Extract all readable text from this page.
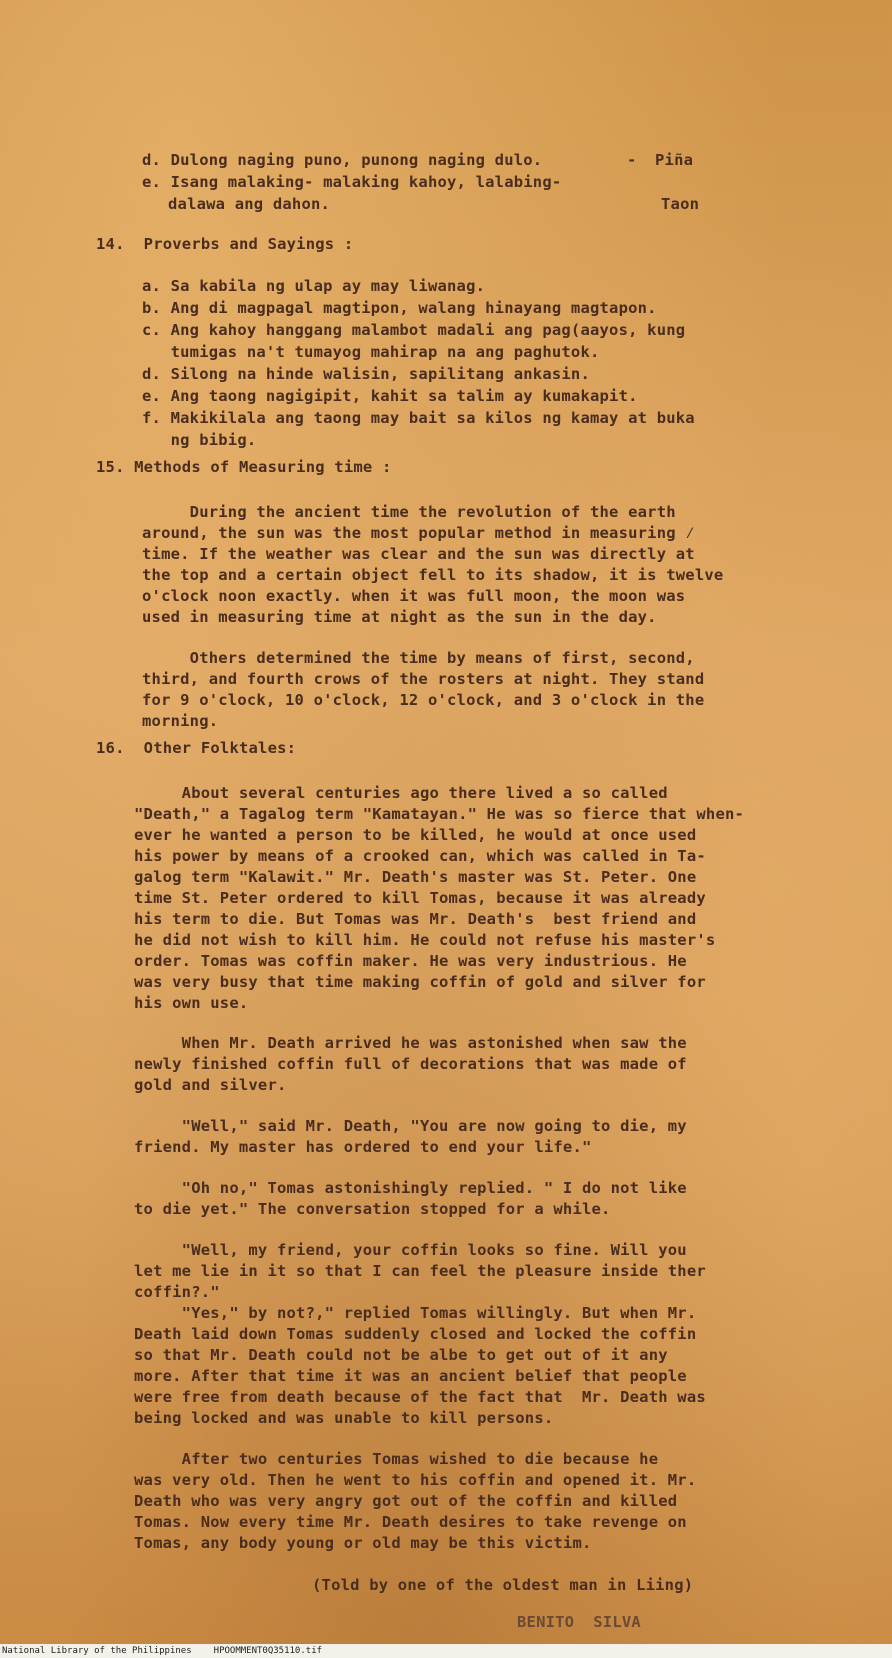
d. Dulong naging puno, punong naging dulo.	- Piña
e. Isang malaking- malaking kahoy, lalabing-
dalawa ang dahon.	Taon
14.  Proverbs and Sayings :
a. Sa kabila ng ulap ay may liwanag.
b. Ang di magpagal magtipon, walang hinayang magtapon.
c. Ang kahoy hanggang malambot madali ang pag(aayos, kung
tumigas na't tumayog mahirap na ang paghutok.
d. Silong na hinde walisin, sapilitang ankasin.
e. Ang taong nagigipit, kahit sa talim ay kumakapit.
f. Makikilala ang taong may bait sa kilos ng kamay at buka
ng bibig.
15. Methods of Measuring time :
During the ancient time the revolution of the earth
around, the sun was the most popular method in measuring ⁄
time. If the weather was clear and the sun was directly at
the top and a certain object fell to its shadow, it is twelve
o'clock noon exactly. when it was full moon, the moon was
used in measuring time at night as the sun in the day.
Others determined the time by means of first, second,
third, and fourth crows of the rosters at night. They stand
for 9 o'clock, 10 o'clock, 12 o'clock, and 3 o'clock in the
morning.
16.  Other Folktales:
About several centuries ago there lived a so called
"Death," a Tagalog term "Kamatayan." He was so fierce that when-
ever he wanted a person to be killed, he would at once used
his power by means of a crooked can, which was called in Ta-
galog term "Kalawit." Mr. Death's master was St. Peter. One
time St. Peter ordered to kill Tomas, because it was already
his term to die. But Tomas was Mr. Death's  best friend and
he did not wish to kill him. He could not refuse his master's
order. Tomas was coffin maker. He was very industrious. He
was very busy that time making coffin of gold and silver for
his own use.
When Mr. Death arrived he was astonished when saw the
newly finished coffin full of decorations that was made of
gold and silver.
"Well," said Mr. Death, "You are now going to die, my
friend. My master has ordered to end your life."
"Oh no," Tomas astonishingly replied. " I do not like
to die yet." The conversation stopped for a while.
"Well, my friend, your coffin looks so fine. Will you
let me lie in it so that I can feel the pleasure inside ther
coffin?."
"Yes," by not?," replied Tomas willingly. But when Mr.
Death laid down Tomas suddenly closed and locked the coffin
so that Mr. Death could not be albe to get out of it any
more. After that time it was an ancient belief that people
were free from death because of the fact that  Mr. Death was
being locked and was unable to kill persons.
After two centuries Tomas wished to die because he
was very old. Then he went to his coffin and opened it. Mr.
Death who was very angry got out of the coffin and killed
Tomas. Now every time Mr. Death desires to take revenge on
Tomas, any body young or old may be this victim.
(Told by one of the oldest man in Liing)
BENITO  SILVA
National Library of the Philippines HPOOMMENT0Q35110.tif
